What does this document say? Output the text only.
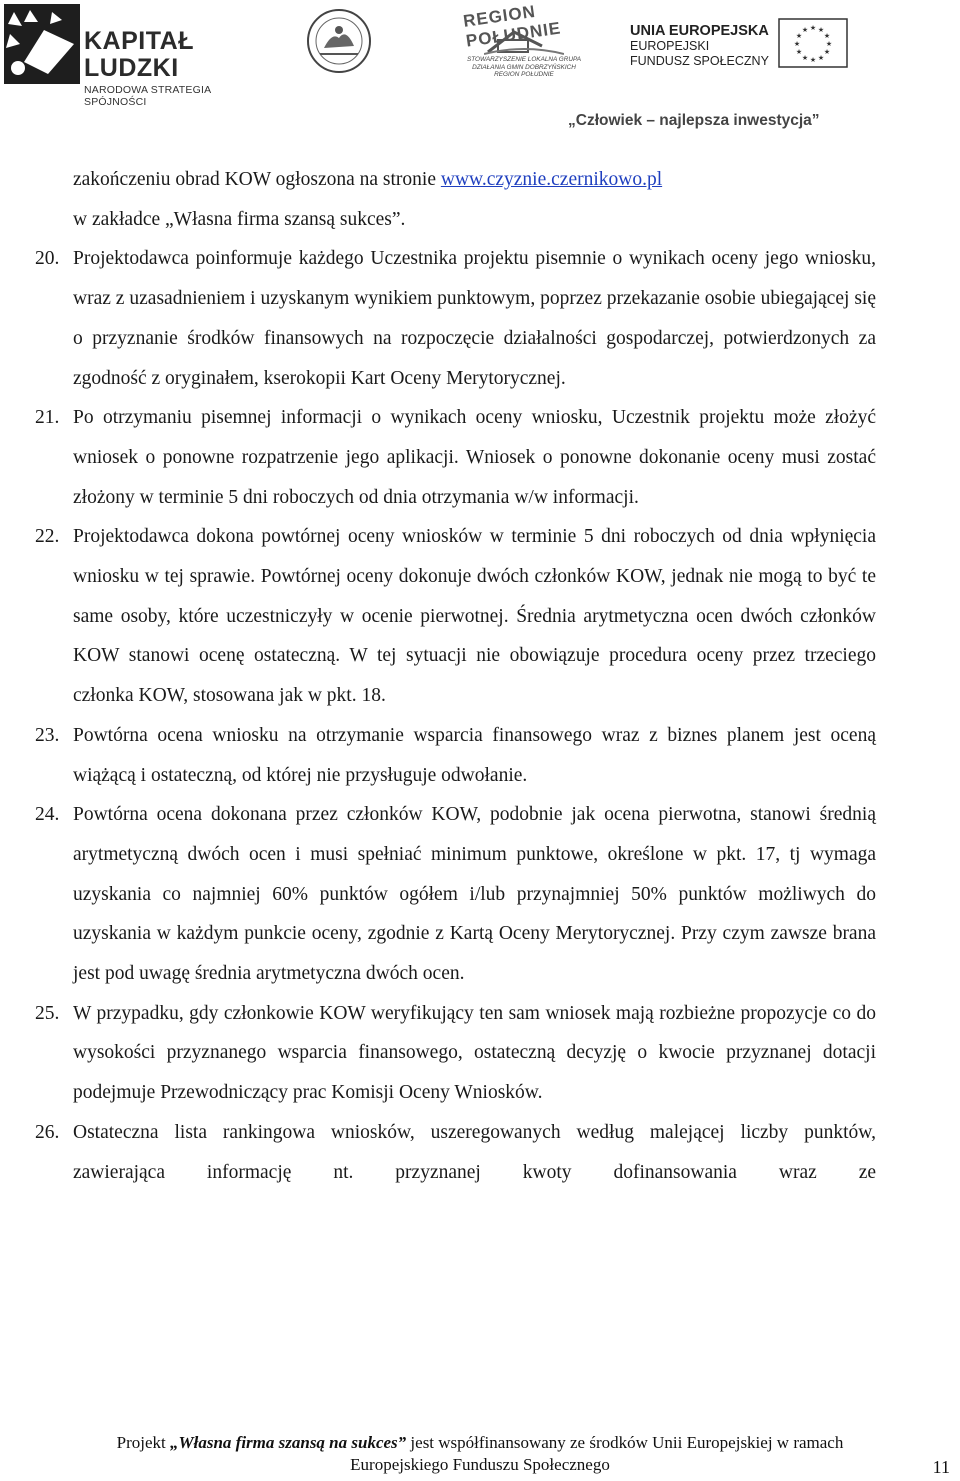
KAPITAŁ LUDZKI
NARODOWA STRATEGIA SPÓJNOŚCI
REGION POŁUDNIE
STOWARZYSZENIE LOKALNA GRUPA DZIAŁANIA GMIN DOBRZYŃSKICH REGION POŁUDNIE
UNIA EUROPEJSKA
EUROPEJSKI
FUNDUSZ SPOŁECZNY
★ ★
★
★
★
★
★
★
★
★
★
★
„Człowiek – najlepsza inwestycja”

zakończeniu obrad KOW ogłoszona na stronie www.czyznie.czernikowo.pl
w zakładce „Własna firma szansą sukces”.

20. Projektodawca poinformuje każdego Uczestnika projektu pisemnie o wynikach oceny jego wniosku, wraz z uzasadnieniem i uzyskanym wynikiem punktowym, poprzez przekazanie osobie ubiegającej się o przyznanie środków finansowych na rozpoczęcie działalności gospodarczej, potwierdzonych za zgodność z oryginałem, kserokopii Kart Oceny Merytorycznej.

21. Po otrzymaniu pisemnej informacji o wynikach oceny wniosku, Uczestnik projektu może złożyć wniosek o ponowne rozpatrzenie jego aplikacji. Wniosek o ponowne dokonanie oceny musi zostać złożony w terminie 5 dni roboczych od dnia otrzymania w/w informacji.

22. Projektodawca dokona powtórnej oceny wniosków w terminie 5 dni roboczych od dnia wpłynięcia wniosku w tej sprawie. Powtórnej oceny dokonuje dwóch członków KOW, jednak nie mogą to być te same osoby, które uczestniczyły w ocenie pierwotnej. Średnia arytmetyczna ocen dwóch członków KOW stanowi ocenę ostateczną. W tej sytuacji nie obowiązuje procedura oceny przez trzeciego członka KOW, stosowana jak w pkt. 18.

23. Powtórna ocena wniosku na otrzymanie wsparcia finansowego wraz z biznes planem jest oceną wiążącą i ostateczną, od której nie przysługuje odwołanie.

24. Powtórna ocena dokonana przez członków KOW, podobnie jak ocena pierwotna, stanowi średnią arytmetyczną dwóch ocen i musi spełniać minimum punktowe, określone w pkt. 17, tj wymaga uzyskania co najmniej 60% punktów ogółem i/lub przynajmniej 50% punktów możliwych do uzyskania w każdym punkcie oceny, zgodnie z Kartą Oceny Merytorycznej. Przy czym zawsze brana jest pod uwagę średnia arytmetyczna dwóch ocen.

25. W przypadku, gdy członkowie KOW weryfikujący ten sam wniosek mają rozbieżne propozycje co do wysokości przyznanego wsparcia finansowego, ostateczną decyzję o kwocie przyznanej dotacji podejmuje Przewodniczący prac Komisji Oceny Wniosków.

26. Ostateczna lista rankingowa wniosków, uszeregowanych według malejącej liczby punktów, zawierająca informację nt. przyznanej kwoty dofinansowania wraz ze

Projekt „Własna firma szansą na sukces” jest współfinansowany ze środków Unii Europejskiej w ramach
Europejskiego Funduszu Społecznego	11
